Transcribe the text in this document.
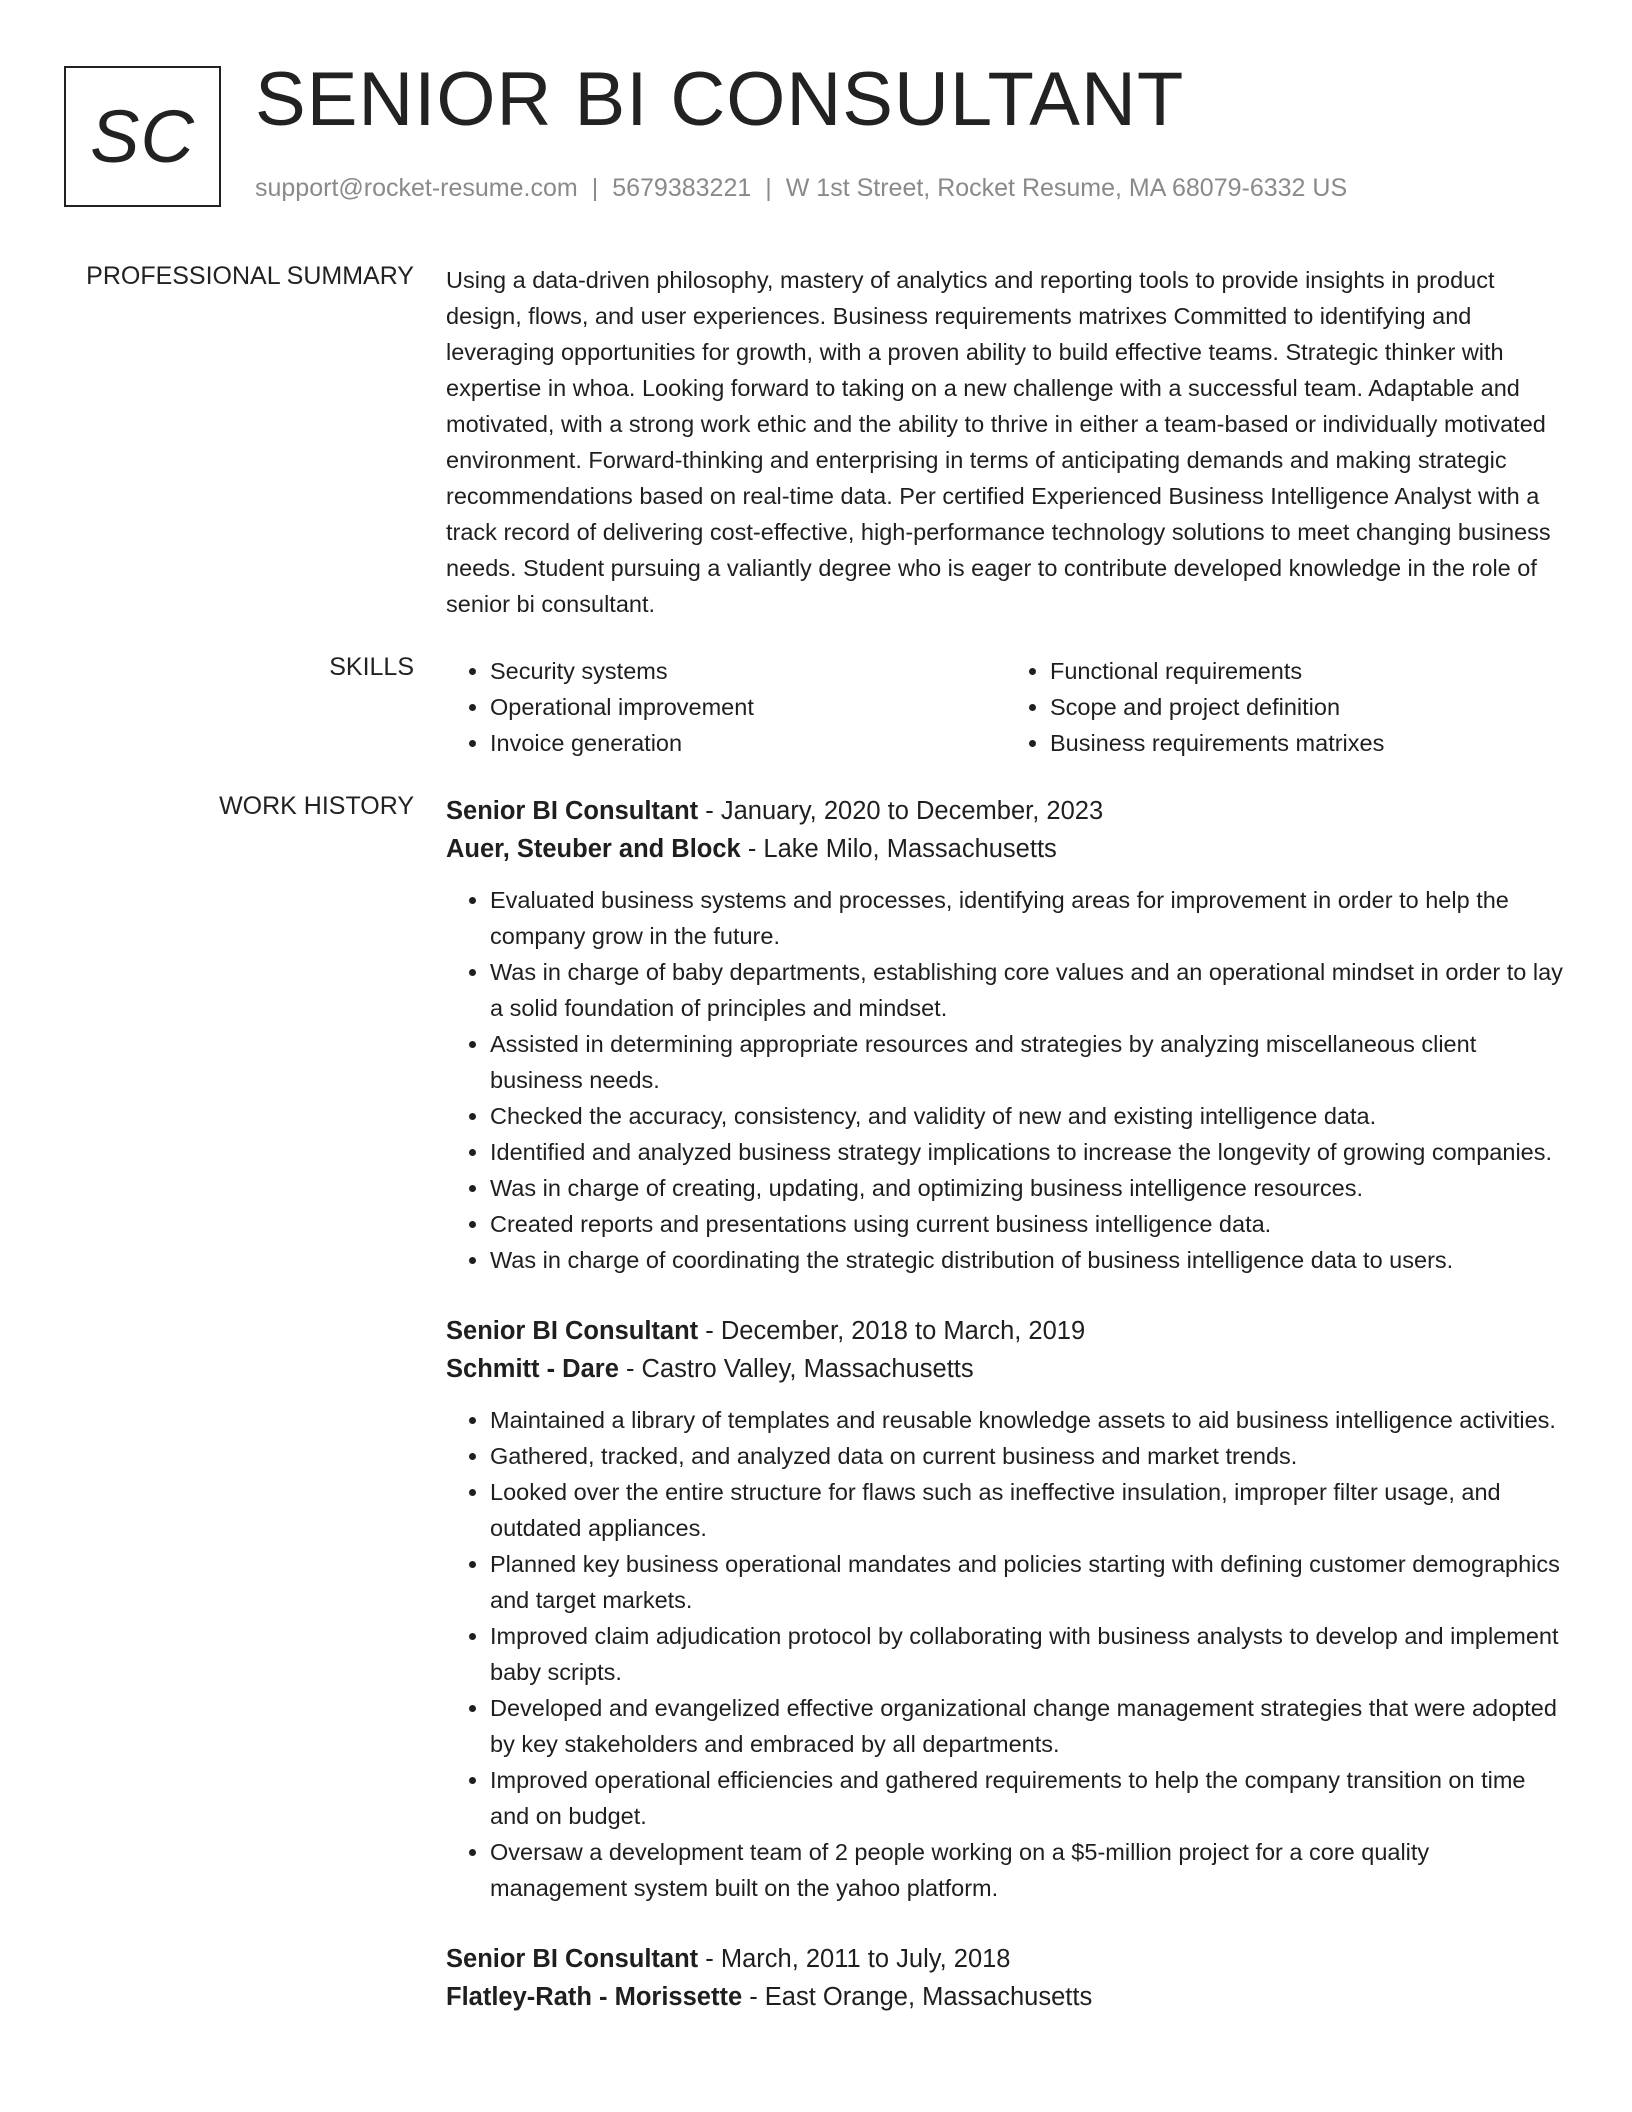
SC SENIOR BI CONSULTANT
support@rocket-resume.com | 5679383221 | W 1st Street, Rocket Resume, MA 68079-6332 US
PROFESSIONAL SUMMARY Using a data-driven philosophy, mastery of analytics and reporting tools to provide insights in product design, flows, and user experiences. Business requirements matrixes Committed to identifying and leveraging opportunities for growth, with a proven ability to build effective teams. Strategic thinker with expertise in whoa. Looking forward to taking on a new challenge with a successful team. Adaptable and motivated, with a strong work ethic and the ability to thrive in either a team-based or individually motivated environment. Forward-thinking and enterprising in terms of anticipating demands and making strategic recommendations based on real-time data. Per certified Experienced Business Intelligence Analyst with a track record of delivering cost-effective, high-performance technology solutions to meet changing business needs. Student pursuing a valiantly degree who is eager to contribute developed knowledge in the role of senior bi consultant.
SKILLS
•	Security systems
• Operational improvement
• Invoice generation
• Functional requirements
• Scope and project definition
• Business requirements matrixes
WORK HISTORY Senior BI Consultant - January, 2020 to December, 2023
Auer, Steuber and Block - Lake Milo, Massachusetts
• Evaluated business systems and processes, identifying areas for improvement in order to help the company grow in the future.
• Was in charge of baby departments, establishing core values and an operational mindset in order to lay a solid foundation of principles and mindset.
• Assisted in determining appropriate resources and strategies by analyzing miscellaneous client business needs.
• Checked the accuracy, consistency, and validity of new and existing intelligence data.
• Identified and analyzed business strategy implications to increase the longevity of growing companies.
• Was in charge of creating, updating, and optimizing business intelligence resources.
• Created reports and presentations using current business intelligence data.
• Was in charge of coordinating the strategic distribution of business intelligence data to users.
Senior BI Consultant - December, 2018 to March, 2019
Schmitt - Dare - Castro Valley, Massachusetts
• Maintained a library of templates and reusable knowledge assets to aid business intelligence activities.
• Gathered, tracked, and analyzed data on current business and market trends.
• Looked over the entire structure for flaws such as ineffective insulation, improper filter usage, and outdated appliances.
• Planned key business operational mandates and policies starting with defining customer demographics and target markets.
• Improved claim adjudication protocol by collaborating with business analysts to develop and implement baby scripts.
• Developed and evangelized effective organizational change management strategies that were adopted by key stakeholders and embraced by all departments.
• Improved operational efficiencies and gathered requirements to help the company transition on time and on budget.
• Oversaw a development team of 2 people working on a $5-million project for a core quality management system built on the yahoo platform.
Senior BI Consultant - March, 2011 to July, 2018
Flatley-Rath - Morissette - East Orange, Massachusetts
